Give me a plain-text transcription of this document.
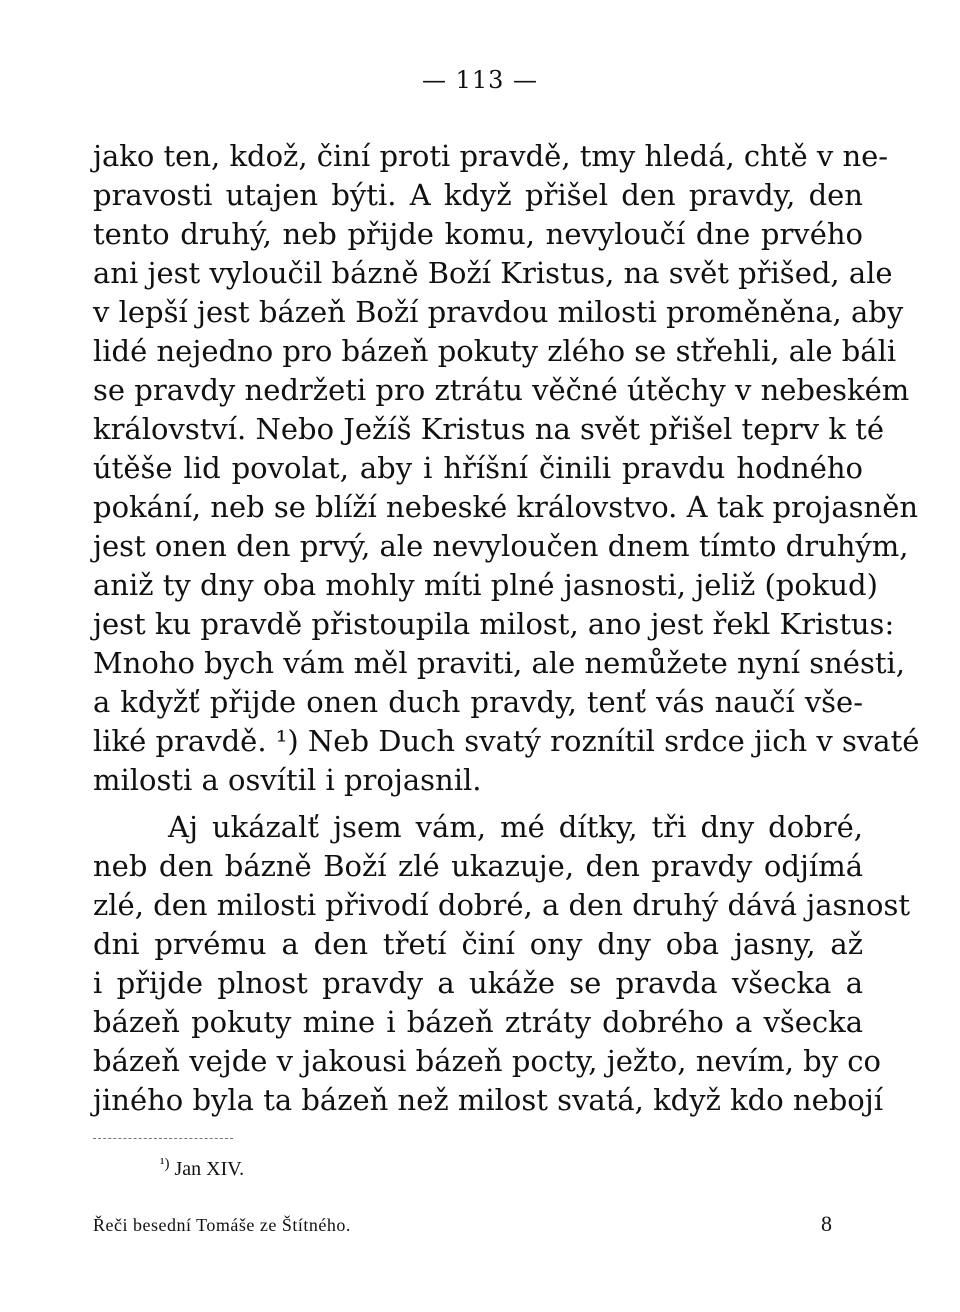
— 113 —
jako ten, kdož, činí proti pravdě, tmy hledá, chtě v ne-
pravosti utajen býti. A když přišel den pravdy, den
tento druhý, neb přijde komu, nevyloučí dne prvého
ani jest vyloučil bázně Boží Kristus, na svět přišed, ale
v lepší jest bázeň Boží pravdou milosti proměněna, aby
lidé nejedno pro bázeň pokuty zlého se střehli, ale báli
se pravdy nedržeti pro ztrátu věčné útěchy v nebeském
království. Nebo Ježíš Kristus na svět přišel teprv k té
útěše lid povolat, aby i hříšní činili pravdu hodného
pokání, neb se blíží nebeské královstvo. A tak projasněn
jest onen den prvý, ale nevyloučen dnem tímto druhým,
aniž ty dny oba mohly míti plné jasnosti, jeliž (pokud)
jest ku pravdě přistoupila milost, ano jest řekl Kristus:
Mnoho bych vám měl praviti, ale nemůžete nyní snésti,
a kdyžť přijde onen duch pravdy, tenť vás naučí vše-
liké pravdě. ¹) Neb Duch svatý roznítil srdce jich v svaté
milosti a osvítil i projasnil.
Aj ukázalť jsem vám, mé dítky, tři dny dobré,
neb den bázně Boží zlé ukazuje, den pravdy odjímá
zlé, den milosti přivodí dobré, a den druhý dává jasnost
dni prvému a den třetí činí ony dny oba jasny, až
i přijde plnost pravdy a ukáže se pravda všecka a
bázeň pokuty mine i bázeň ztráty dobrého a všecka
bázeň vejde v jakousi bázeň pocty, ježto, nevím, by co
jiného byla ta bázeň než milost svatá, když kdo nebojí
$^{^1)}$ Jan XIV.
Řeči besední Tomáše ze Štítného.	8
